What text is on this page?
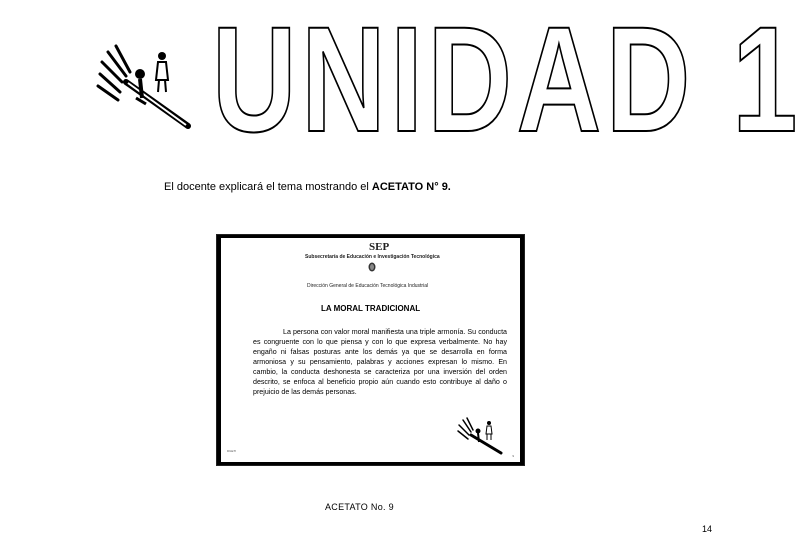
UNIDAD 1
El docente explicará el tema mostrando el ACETATO N° 9.
SEP
Subsecretaría de Educación e Investigación Tecnológica
Dirección General de Educación Tecnológica Industrial
LA MORAL TRADICIONAL
La persona con valor moral manifiesta una triple armonía. Su conducta es congruente con lo que piensa y con lo que expresa verbalmente. No hay engaño ni falsas posturas ante los demás ya que se desarrolla en forma armoniosa y su pensamiento, palabras y acciones expresan lo mismo. En cambio, la conducta deshonesta se caracteriza por una inversión del orden descrito, se enfoca al beneficio propio aún cuando esto contribuye al daño o prejuicio de las demás personas.
DGETI
9
ACETATO No. 9
14
